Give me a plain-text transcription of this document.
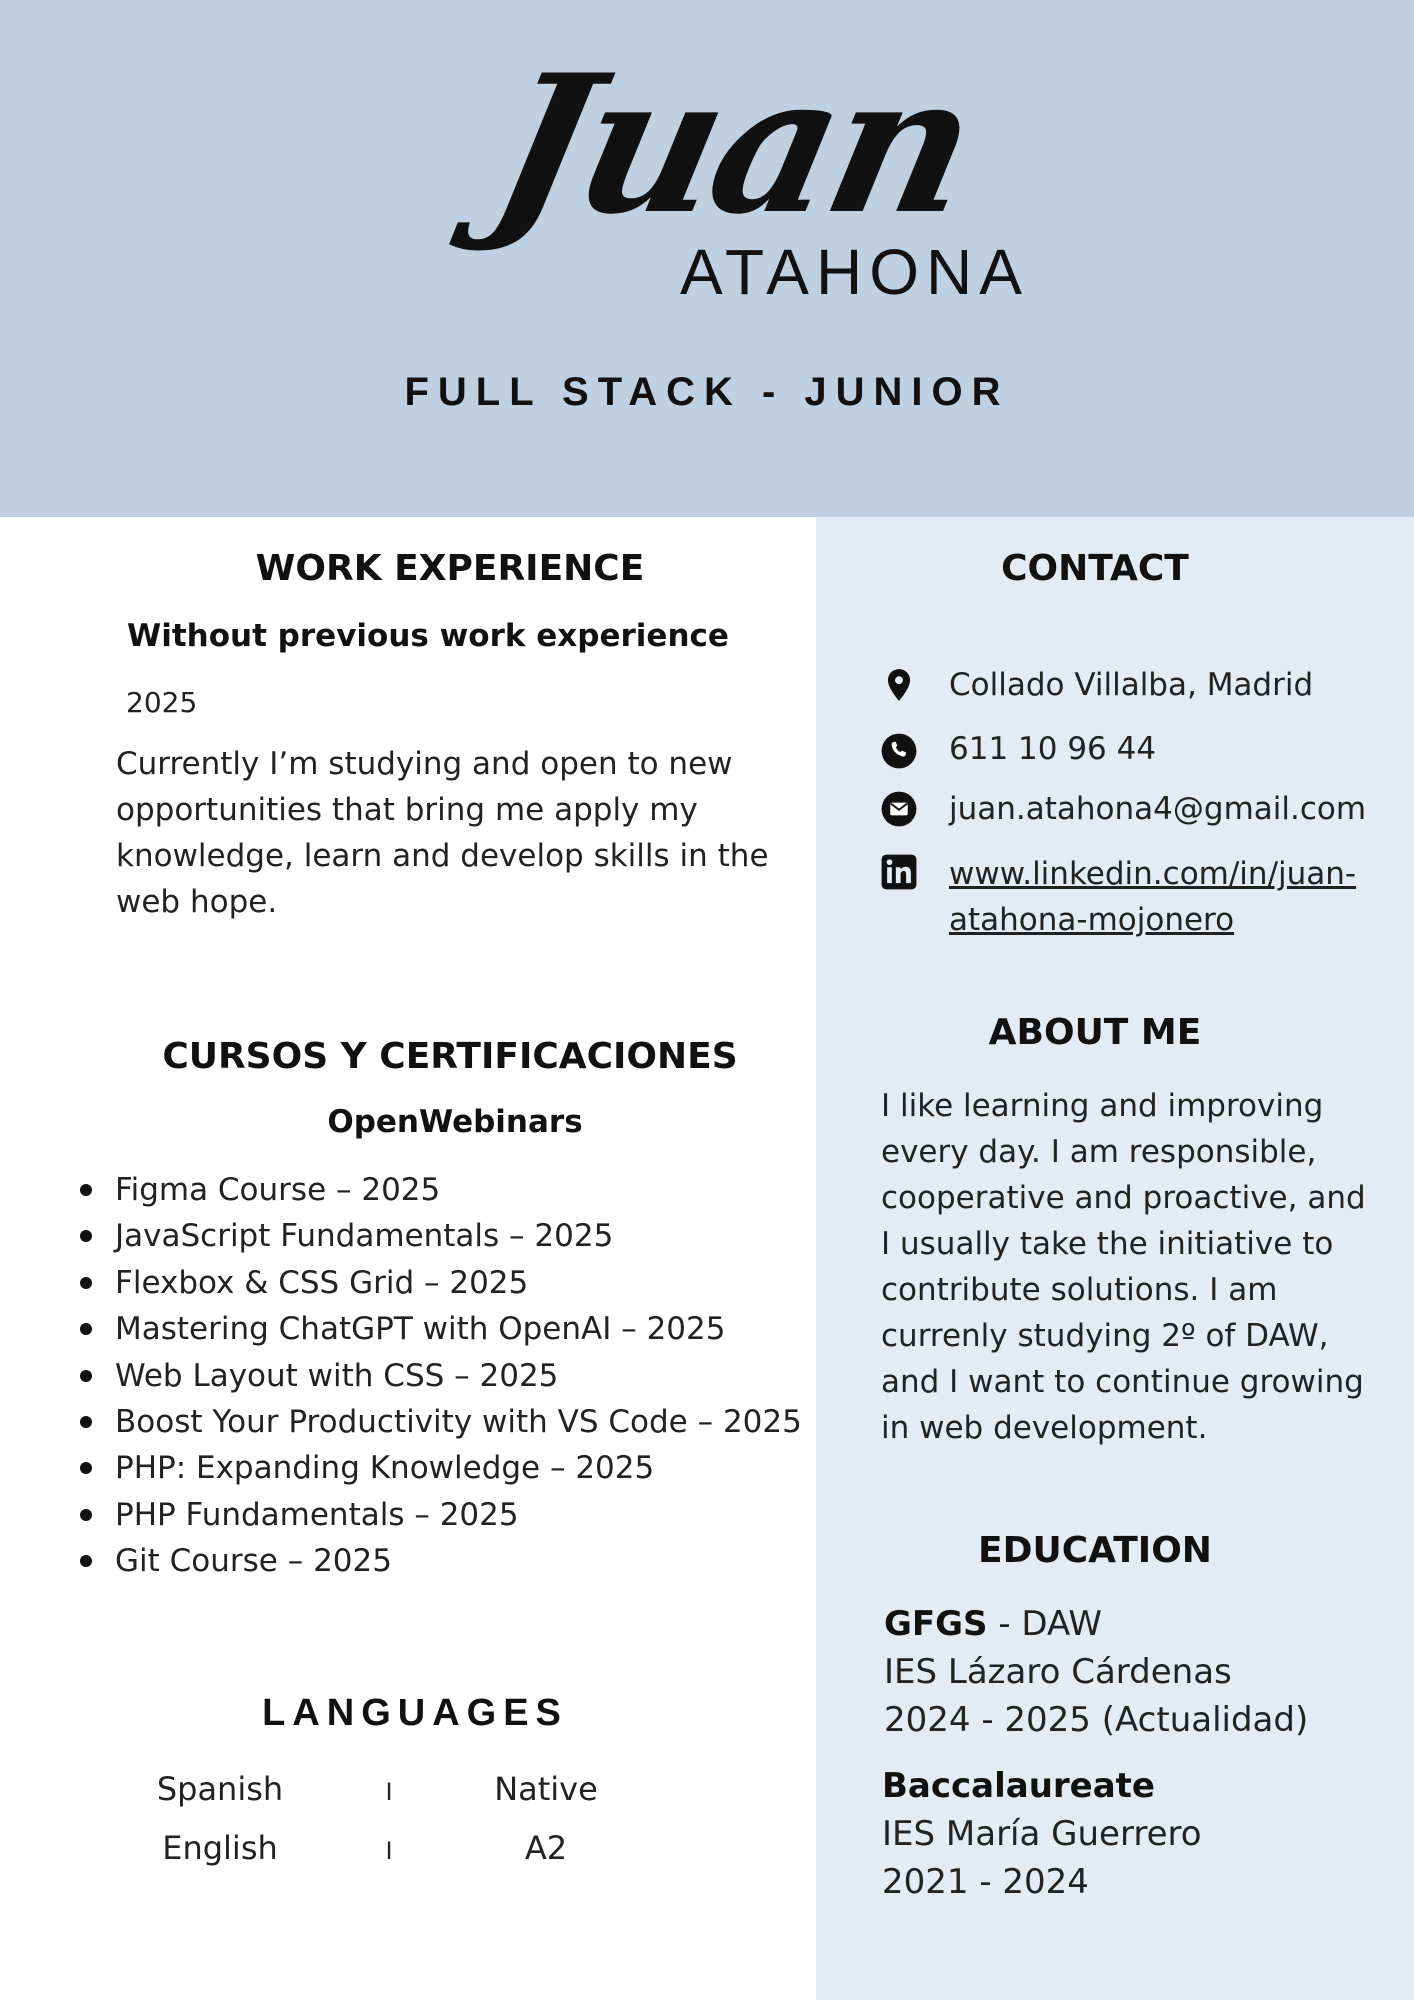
Juan
ATAHONA
FULL STACK - JUNIOR
WORK EXPERIENCE
Without previous work experience
2025
Currently I’m studying and open to new
opportunities that bring me apply my
knowledge, learn and develop skills in the
web hope.
CURSOS Y CERTIFICACIONES
OpenWebinars
Figma Course – 2025
JavaScript Fundamentals – 2025
Flexbox & CSS Grid – 2025
Mastering ChatGPT with OpenAI – 2025
Web Layout with CSS – 2025
Boost Your Productivity with VS Code – 2025
PHP: Expanding Knowledge – 2025
PHP Fundamentals – 2025
Git Course – 2025
LANGUAGES
Spanish	I	Native
English	I	A2
CONTACT
Collado Villalba, Madrid
611 10 96 44
juan.atahona4@gmail.com
www.linkedin.com/in/juan-
atahona-mojonero
ABOUT ME
I like learning and improving
every day. I am responsible,
cooperative and proactive, and
I usually take the initiative to
contribute solutions. I am
currenly studying 2º of DAW,
and I want to continue growing
in web development.
EDUCATION
GFGS - DAW
IES Lázaro Cárdenas
2024 - 2025 (Actualidad)
Baccalaureate
IES María Guerrero
2021 - 2024
